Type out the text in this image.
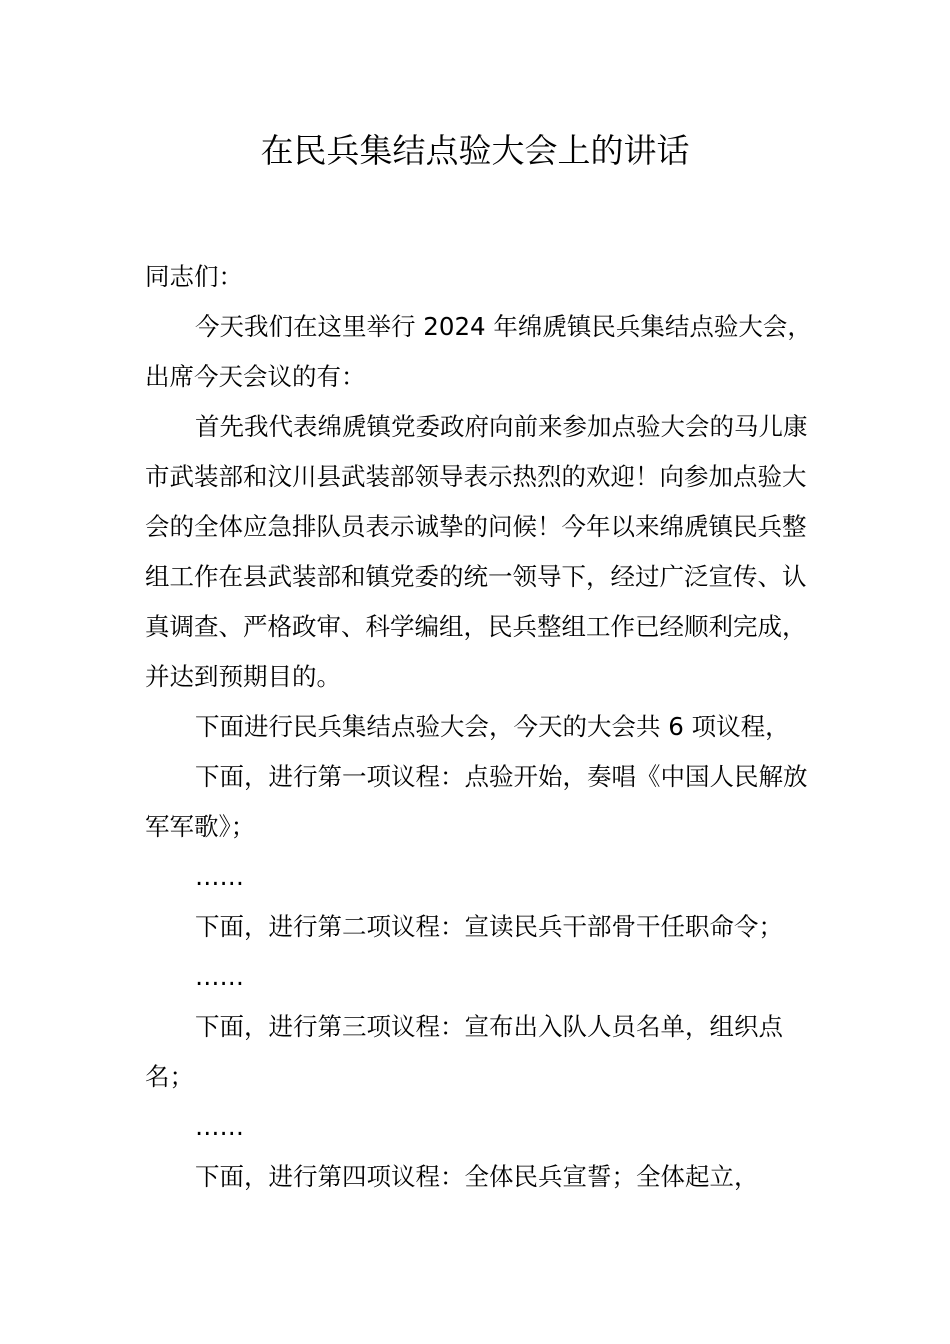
在民兵集结点验大会上的讲话

同志们：

今天我们在这里举行 2024 年绵虒镇民兵集结点验大会，出席今天会议的有：

首先我代表绵虒镇党委政府向前来参加点验大会的马儿康市武装部和汶川县武装部领导表示热烈的欢迎！向参加点验大会的全体应急排队员表示诚挚的问候！今年以来绵虒镇民兵整组工作在县武装部和镇党委的统一领导下，经过广泛宣传、认真调查、严格政审、科学编组，民兵整组工作已经顺利完成，并达到预期目的。

下面进行民兵集结点验大会，今天的大会共 6 项议程，

下面，进行第一项议程：点验开始，奏唱《中国人民解放军军歌》；

……

下面，进行第二项议程：宣读民兵干部骨干任职命令；

……

下面，进行第三项议程：宣布出入队人员名单，组织点名；

……

下面，进行第四项议程：全体民兵宣誓；全体起立，
